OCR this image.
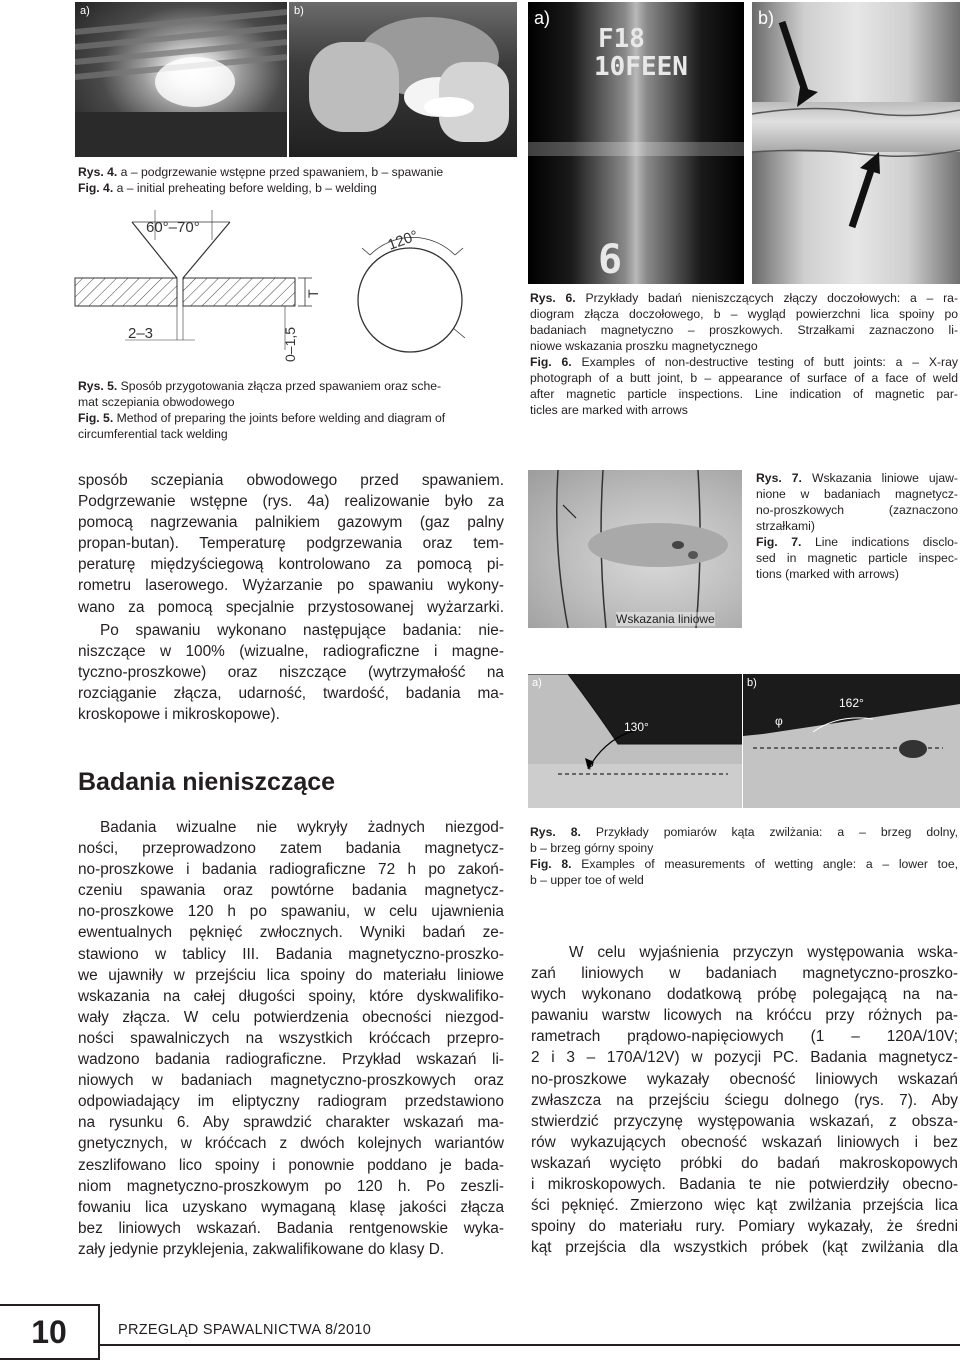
a)	b)
Rys. 4. a – podgrzewanie wstępne przed spawaniem, b – spawanie
Fig. 4. a – initial preheating before welding, b – welding
60°–70°
2–3	0–1,5
T
120°
Rys. 5. Sposób przygotowania złącza przed spawaniem oraz sche-
mat sczepiania obwodowego
Fig. 5. Method of preparing the joints before welding and diagram of
circumferential tack welding
a)
F18
10FEEN
6
b)
Rys. 6. Przykłady badań nieniszczących złączy doczołowych: a – ra-
diogram złącza doczołowego, b – wygląd powierzchni lica spoiny po
badaniach magnetyczno – proszkowych. Strzałkami zaznaczono li-
niowe wskazania proszku magnetycznego
Fig. 6. Examples of non-destructive testing of butt joints: a – X-ray
photograph of a butt joint, b – appearance of surface of a face of weld
after magnetic particle inspections. Line indication of magnetic par-
ticles are marked with arrows
Wskazania liniowe
Rys. 7. Wskazania liniowe ujaw-
nione w badaniach magnetycz-
no-proszkowych (zaznaczono
strzałkami)
Fig. 7. Line indications disclo-
sed in magnetic particle inspec-
tions (marked with arrows)
a)
130°
φ
b)
162°
φ
Rys. 8. Przykłady pomiarów kąta zwilżania: a – brzeg dolny,
b – brzeg górny spoiny
Fig. 8. Examples of measurements of wetting angle: a – lower toe,
b – upper toe of weld
sposób sczepiania obwodowego przed spawaniem.
Podgrzewanie wstępne (rys. 4a) realizowanie było za
pomocą nagrzewania palnikiem gazowym (gaz palny
propan-butan). Temperaturę podgrzewania oraz tem-
peraturę międzyściegową kontrolowano za pomocą pi-
rometru laserowego. Wyżarzanie po spawaniu wykony-
wano za pomocą specjalnie przystosowanej wyżarzarki.
Po spawaniu wykonano następujące badania: nie-
niszczące w 100% (wizualne, radiograficzne i magne-
tyczno-proszkowe) oraz niszczące (wytrzymałość na
rozciąganie złącza, udarność, twardość, badania ma-
kroskopowe i mikroskopowe).
Badania nieniszczące
Badania wizualne nie wykryły żadnych niezgod-
ności, przeprowadzono zatem badania magnetycz-
no-proszkowe i badania radiograficzne 72 h po zakoń-
czeniu spawania oraz powtórne badania magnetycz-
no-proszkowe 120 h po spawaniu, w celu ujawnienia
ewentualnych pęknięć zwłocznych. Wyniki badań ze-
stawiono w tablicy III. Badania magnetyczno-proszko-
we ujawniły w przejściu lica spoiny do materiału liniowe
wskazania na całej długości spoiny, które dyskwalifiko-
wały złącza. W celu potwierdzenia obecności niezgod-
ności spawalniczych na wszystkich króćcach przepro-
wadzono badania radiograficzne. Przykład wskazań li-
niowych w badaniach magnetyczno-proszkowych oraz
odpowiadający im eliptyczny radiogram przedstawiono
na rysunku 6. Aby sprawdzić charakter wskazań ma-
gnetycznych, w króćcach z dwóch kolejnych wariantów
zeszlifowano lico spoiny i ponownie poddano je bada-
niom magnetyczno-proszkowym po 120 h. Po zeszli-
fowaniu lica uzyskano wymaganą klasę jakości złącza
bez liniowych wskazań. Badania rentgenowskie wyka-
zały jedynie przyklejenia, zakwalifikowane do klasy D.
W celu wyjaśnienia przyczyn występowania wska-
zań liniowych w badaniach magnetyczno-proszko-
wych wykonano dodatkową próbę polegającą na na-
pawaniu warstw licowych na króćcu przy różnych pa-
rametrach prądowo-napięciowych (1 – 120A/10V;
2 i 3 – 170A/12V) w pozycji PC. Badania magnetycz-
no-proszkowe wykazały obecność liniowych wskazań
zwłaszcza na przejściu ściegu dolnego (rys. 7). Aby
stwierdzić przyczynę występowania wskazań, z obsza-
rów wykazujących obecność wskazań liniowych i bez
wskazań wycięto próbki do badań makroskopowych
i mikroskopowych. Badania te nie potwierdziły obecno-
ści pęknięć. Zmierzono więc kąt zwilżania przejścia lica
spoiny do materiału rury. Pomiary wykazały, że średni
kąt przejścia dla wszystkich próbek (kąt zwilżania dla
10	PRZEGLĄD SPAWALNICTWA 8/2010
